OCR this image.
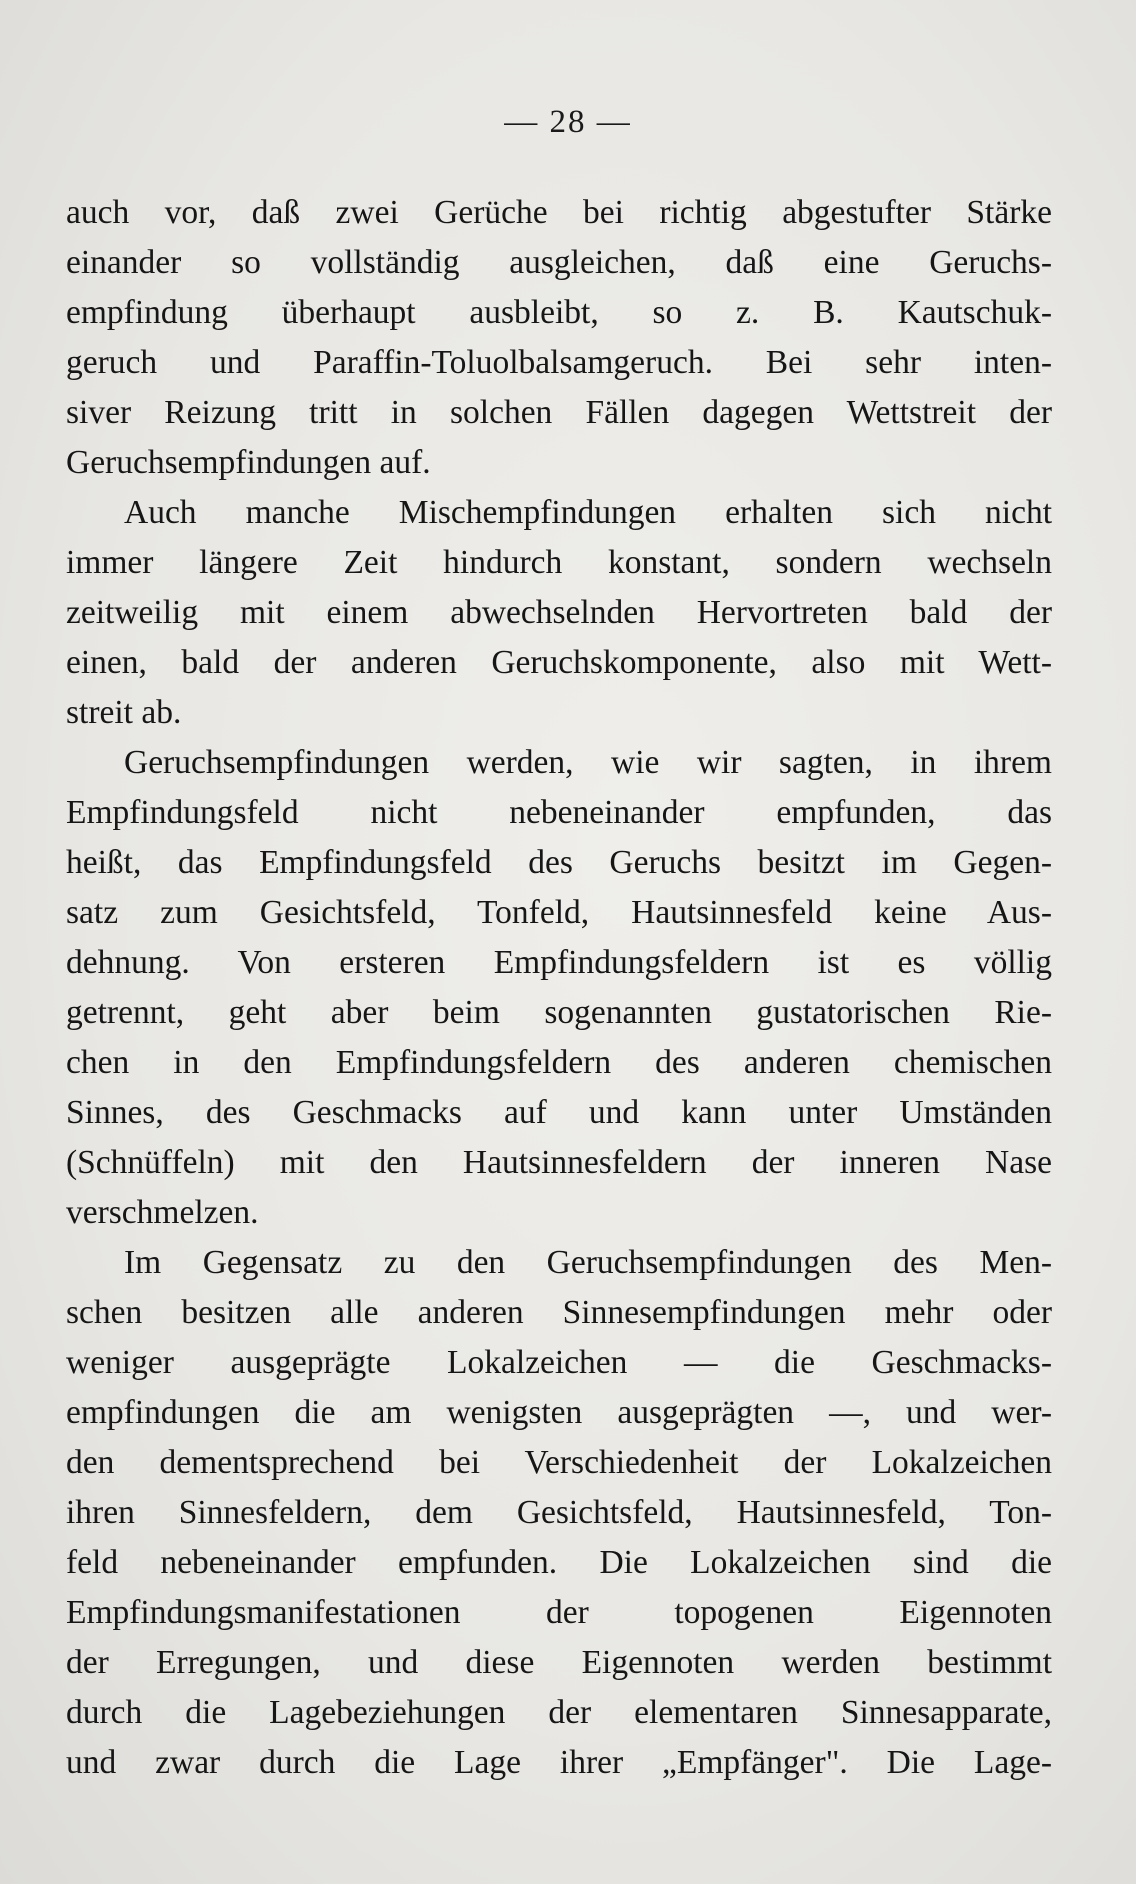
— 28 —
auch vor, daß zwei Gerüche bei richtig abgestufter Stärke
einander so vollständig ausgleichen, daß eine Geruchs-
empfindung überhaupt ausbleibt, so z. B. Kautschuk-
geruch und Paraffin-Toluolbalsamgeruch. Bei sehr inten-
siver Reizung tritt in solchen Fällen dagegen Wettstreit der
Geruchsempfindungen auf.
Auch manche Mischempfindungen erhalten sich nicht
immer längere Zeit hindurch konstant, sondern wechseln
zeitweilig mit einem abwechselnden Hervortreten bald der
einen, bald der anderen Geruchskomponente, also mit Wett-
streit ab.
Geruchsempfindungen werden, wie wir sagten, in ihrem
Empfindungsfeld nicht nebeneinander empfunden, das
heißt, das Empfindungsfeld des Geruchs besitzt im Gegen-
satz zum Gesichtsfeld, Tonfeld, Hautsinnesfeld keine Aus-
dehnung. Von ersteren Empfindungsfeldern ist es völlig
getrennt, geht aber beim sogenannten gustatorischen Rie-
chen in den Empfindungsfeldern des anderen chemischen
Sinnes, des Geschmacks auf und kann unter Umständen
(Schnüffeln) mit den Hautsinnesfeldern der inneren Nase
verschmelzen.
Im Gegensatz zu den Geruchsempfindungen des Men-
schen besitzen alle anderen Sinnesempfindungen mehr oder
weniger ausgeprägte Lokalzeichen — die Geschmacks-
empfindungen die am wenigsten ausgeprägten —, und wer-
den dementsprechend bei Verschiedenheit der Lokalzeichen
ihren Sinnesfeldern, dem Gesichtsfeld, Hautsinnesfeld, Ton-
feld nebeneinander empfunden. Die Lokalzeichen sind die
Empfindungsmanifestationen der topogenen Eigennoten
der Erregungen, und diese Eigennoten werden bestimmt
durch die Lagebeziehungen der elementaren Sinnesapparate,
und zwar durch die Lage ihrer „Empfänger". Die Lage-
